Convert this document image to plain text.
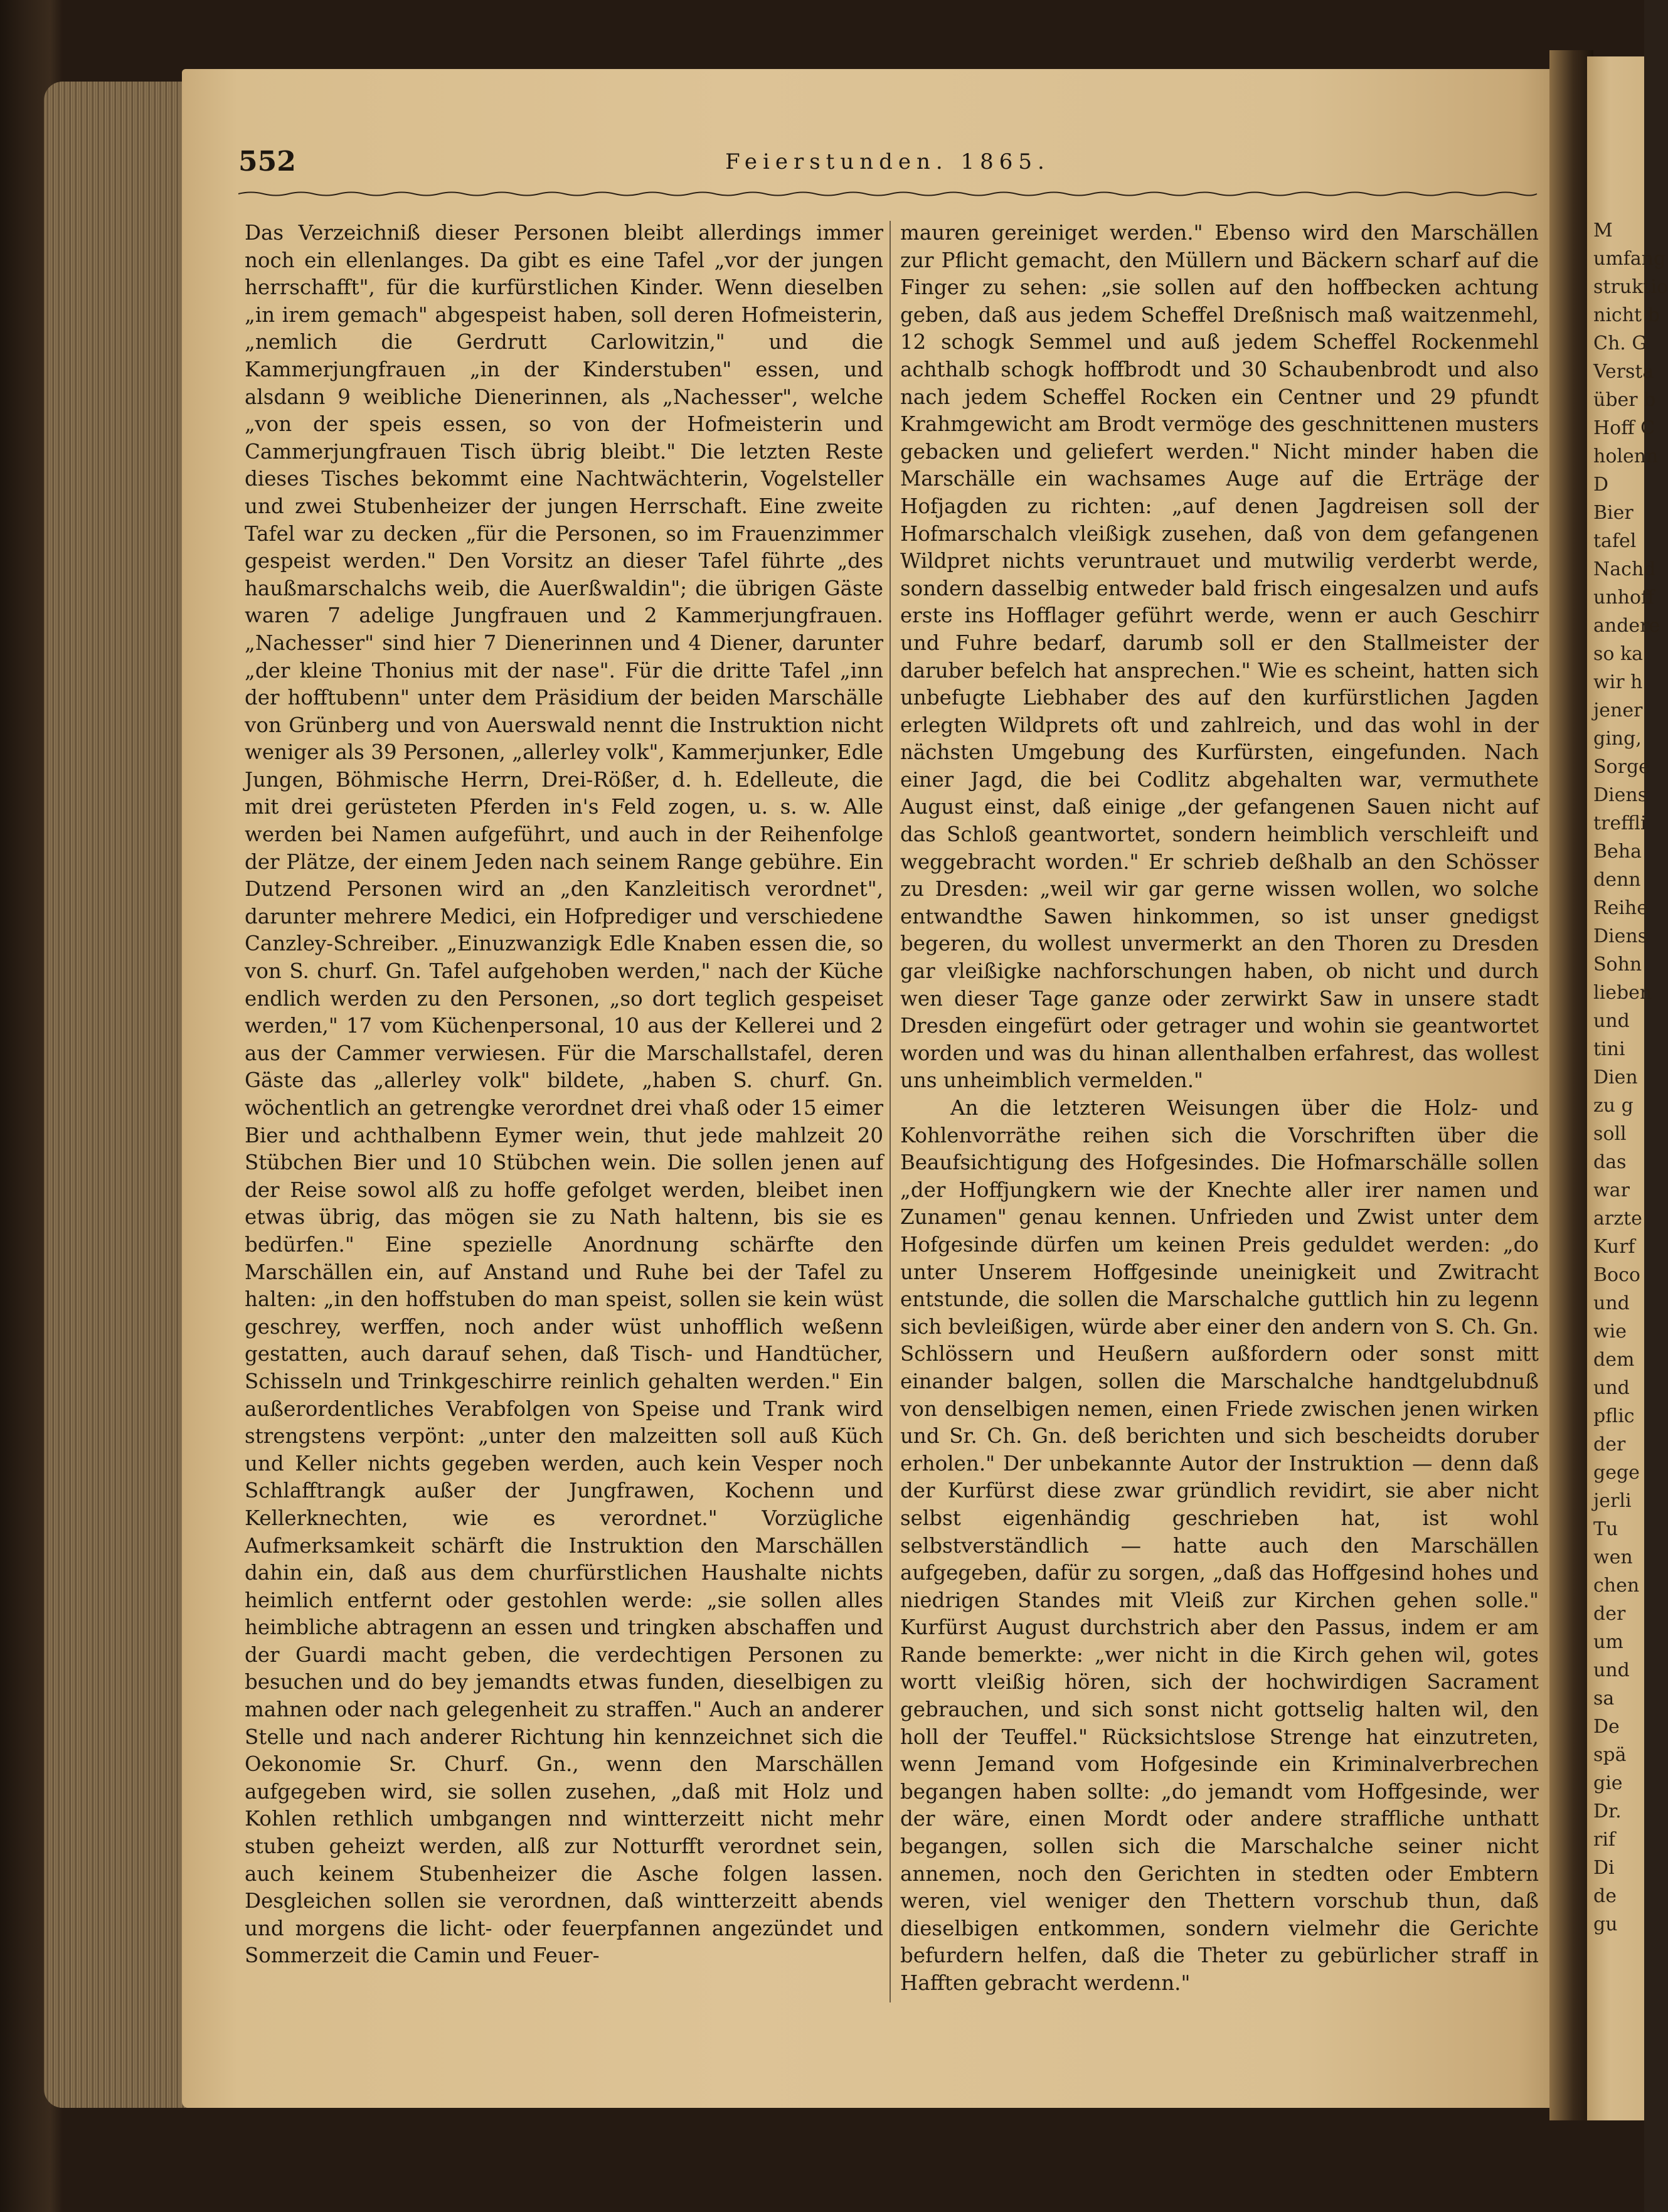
M
umfang
struktio
nicht b
Ch. G
Versta
über b
Hoff C
holenn
D
Bier
tafel
Nachd
unhoff
andere
so ka
wir h
jener
ging,
Sorge
Diens
treffli
Beha
denn
Reihe
Diens
Sohn
lieben
und
tini
Dien
zu g
soll
das
war
arzte
Kurf
Boco
und
wie
dem
und
pflic
der
gege
jerli
Tu
wen
chen
der
um
und
sa
De
spä
gie
Dr.
rif
Di
de
gu
552	Feierstunden. 1865.

Das Verzeichniß dieser Personen bleibt allerdings immer noch ein ellenlanges. Da gibt es eine Tafel „vor der jungen herrschafft", für die kurfürstlichen Kinder. Wenn dieselben „in irem gemach" abgespeist haben, soll deren Hofmeisterin, „nemlich die Gerdrutt Carlowitzin," und die Kammerjungfrauen „in der Kinderstuben" essen, und alsdann 9 weibliche Dienerinnen, als „Nachesser", welche „von der speis essen, so von der Hofmeisterin und Cammerjungfrauen Tisch übrig bleibt." Die letzten Reste dieses Tisches bekommt eine Nachtwächterin, Vogelsteller und zwei Stubenheizer der jungen Herrschaft. Eine zweite Tafel war zu decken „für die Personen, so im Frauenzimmer gespeist werden." Den Vorsitz an dieser Tafel führte „des haußmarschalchs weib, die Auerßwaldin"; die übrigen Gäste waren 7 adelige Jungfrauen und 2 Kammerjungfrauen. „Nachesser" sind hier 7 Dienerinnen und 4 Diener, darunter „der kleine Thonius mit der nase". Für die dritte Tafel „inn der hofftubenn" unter dem Präsidium der beiden Marschälle von Grünberg und von Auerswald nennt die Instruktion nicht weniger als 39 Personen, „allerley volk", Kammerjunker, Edle Jungen, Böhmische Herrn, Drei-Rößer, d. h. Edelleute, die mit drei gerüsteten Pferden in's Feld zogen, u. s. w. Alle werden bei Namen aufgeführt, und auch in der Reihenfolge der Plätze, der einem Jeden nach seinem Range gebühre. Ein Dutzend Personen wird an „den Kanzleitisch verordnet", darunter mehrere Medici, ein Hofprediger und verschiedene Canzley-Schreiber. „Einuzwanzigk Edle Knaben essen die, so von S. churf. Gn. Tafel aufgehoben werden," nach der Küche endlich werden zu den Personen, „so dort teglich gespeiset werden," 17 vom Küchenpersonal, 10 aus der Kellerei und 2 aus der Cammer verwiesen. Für die Marschallstafel, deren Gäste das „allerley volk" bildete, „haben S. churf. Gn. wöchentlich an getrengke verordnet drei vhaß oder 15 eimer Bier und achthalbenn Eymer wein, thut jede mahlzeit 20 Stübchen Bier und 10 Stübchen wein. Die sollen jenen auf der Reise sowol alß zu hoffe gefolget werden, bleibet inen etwas übrig, das mögen sie zu Nath haltenn, bis sie es bedürfen." Eine spezielle Anordnung schärfte den Marschällen ein, auf Anstand und Ruhe bei der Tafel zu halten: „in den hoffstuben do man speist, sollen sie kein wüst geschrey, werffen, noch ander wüst unhofflich weßenn gestatten, auch darauf sehen, daß Tisch- und Handtücher, Schisseln und Trinkgeschirre reinlich gehalten werden." Ein außerordentliches Verabfolgen von Speise und Trank wird strengstens verpönt: „unter den malzeitten soll auß Küch und Keller nichts gegeben werden, auch kein Vesper noch Schlafftrangk außer der Jungfrawen, Kochenn und Kellerknechten, wie es verordnet." Vorzügliche Aufmerksamkeit schärft die Instruktion den Marschällen dahin ein, daß aus dem churfürstlichen Haushalte nichts heimlich entfernt oder gestohlen werde: „sie sollen alles heimbliche abtragenn an essen und tringken abschaffen und der Guardi macht geben, die verdechtigen Personen zu besuchen und do bey jemandts etwas funden, dieselbigen zu mahnen oder nach gelegenheit zu straffen." Auch an anderer Stelle und nach anderer Richtung hin kennzeichnet sich die Oekonomie Sr. Churf. Gn., wenn den Marschällen aufgegeben wird, sie sollen zusehen, „daß mit Holz und Kohlen rethlich umbgangen nnd wintterzeitt nicht mehr stuben geheizt werden, alß zur Notturfft verordnet sein, auch keinem Stubenheizer die Asche folgen lassen. Desgleichen sollen sie verordnen, daß wintterzeitt abends und morgens die licht- oder feuerpfannen angezündet und Sommerzeit die Camin und Feuer-

mauren gereiniget werden." Ebenso wird den Marschällen zur Pflicht gemacht, den Müllern und Bäckern scharf auf die Finger zu sehen: „sie sollen auf den hoffbecken achtung geben, daß aus jedem Scheffel Dreßnisch maß waitzenmehl, 12 schogk Semmel und auß jedem Scheffel Rockenmehl achthalb schogk hoffbrodt und 30 Schaubenbrodt und also nach jedem Scheffel Rocken ein Centner und 29 pfundt Krahmgewicht am Brodt vermöge des geschnittenen musters gebacken und geliefert werden." Nicht minder haben die Marschälle ein wachsames Auge auf die Erträge der Hofjagden zu richten: „auf denen Jagdreisen soll der Hofmarschalch vleißigk zusehen, daß von dem gefangenen Wildpret nichts veruntrauet und mutwilig verderbt werde, sondern dasselbig entweder bald frisch eingesalzen und aufs erste ins Hofflager geführt werde, wenn er auch Geschirr und Fuhre bedarf, darumb soll er den Stallmeister der daruber befelch hat ansprechen." Wie es scheint, hatten sich unbefugte Liebhaber des auf den kurfürstlichen Jagden erlegten Wildprets oft und zahlreich, und das wohl in der nächsten Umgebung des Kurfürsten, eingefunden. Nach einer Jagd, die bei Codlitz abgehalten war, vermuthete August einst, daß einige „der gefangenen Sauen nicht auf das Schloß geantwortet, sondern heimblich verschleift und weggebracht worden." Er schrieb deßhalb an den Schösser zu Dresden: „weil wir gar gerne wissen wollen, wo solche entwandthe Sawen hinkommen, so ist unser gnedigst begeren, du wollest unvermerkt an den Thoren zu Dresden gar vleißigke nachforschungen haben, ob nicht und durch wen dieser Tage ganze oder zerwirkt Saw in unsere stadt Dresden eingefürt oder getrager und wohin sie geantwortet worden und was du hinan allenthalben erfahrest, das wollest uns unheimblich vermelden."

An die letzteren Weisungen über die Holz- und Kohlenvorräthe reihen sich die Vorschriften über die Beaufsichtigung des Hofgesindes. Die Hofmarschälle sollen „der Hoffjungkern wie der Knechte aller irer namen und Zunamen" genau kennen. Unfrieden und Zwist unter dem Hofgesinde dürfen um keinen Preis geduldet werden: „do unter Unserem Hoffgesinde uneinigkeit und Zwitracht entstunde, die sollen die Marschalche guttlich hin zu legenn sich bevleißigen, würde aber einer den andern von S. Ch. Gn. Schlössern und Heußern außfordern oder sonst mitt einander balgen, sollen die Marschalche handtgelubdnuß von denselbigen nemen, einen Friede zwischen jenen wirken und Sr. Ch. Gn. deß berichten und sich bescheidts doruber erholen." Der unbekannte Autor der Instruktion — denn daß der Kurfürst diese zwar gründlich revidirt, sie aber nicht selbst eigenhändig geschrieben hat, ist wohl selbstverständlich — hatte auch den Marschällen aufgegeben, dafür zu sorgen, „daß das Hoffgesind hohes und niedrigen Standes mit Vleiß zur Kirchen gehen solle." Kurfürst August durchstrich aber den Passus, indem er am Rande bemerkte: „wer nicht in die Kirch gehen wil, gotes wortt vleißig hören, sich der hochwirdigen Sacrament gebrauchen, und sich sonst nicht gottselig halten wil, den holl der Teuffel." Rücksichtslose Strenge hat einzutreten, wenn Jemand vom Hofgesinde ein Kriminalverbrechen begangen haben sollte: „do jemandt vom Hoffgesinde, wer der wäre, einen Mordt oder andere straffliche unthatt begangen, sollen sich die Marschalche seiner nicht annemen, noch den Gerichten in stedten oder Embtern weren, viel weniger den Thettern vorschub thun, daß dieselbigen entkommen, sondern vielmehr die Gerichte befurdern helfen, daß die Theter zu gebürlicher straff in Hafften gebracht werdenn."
